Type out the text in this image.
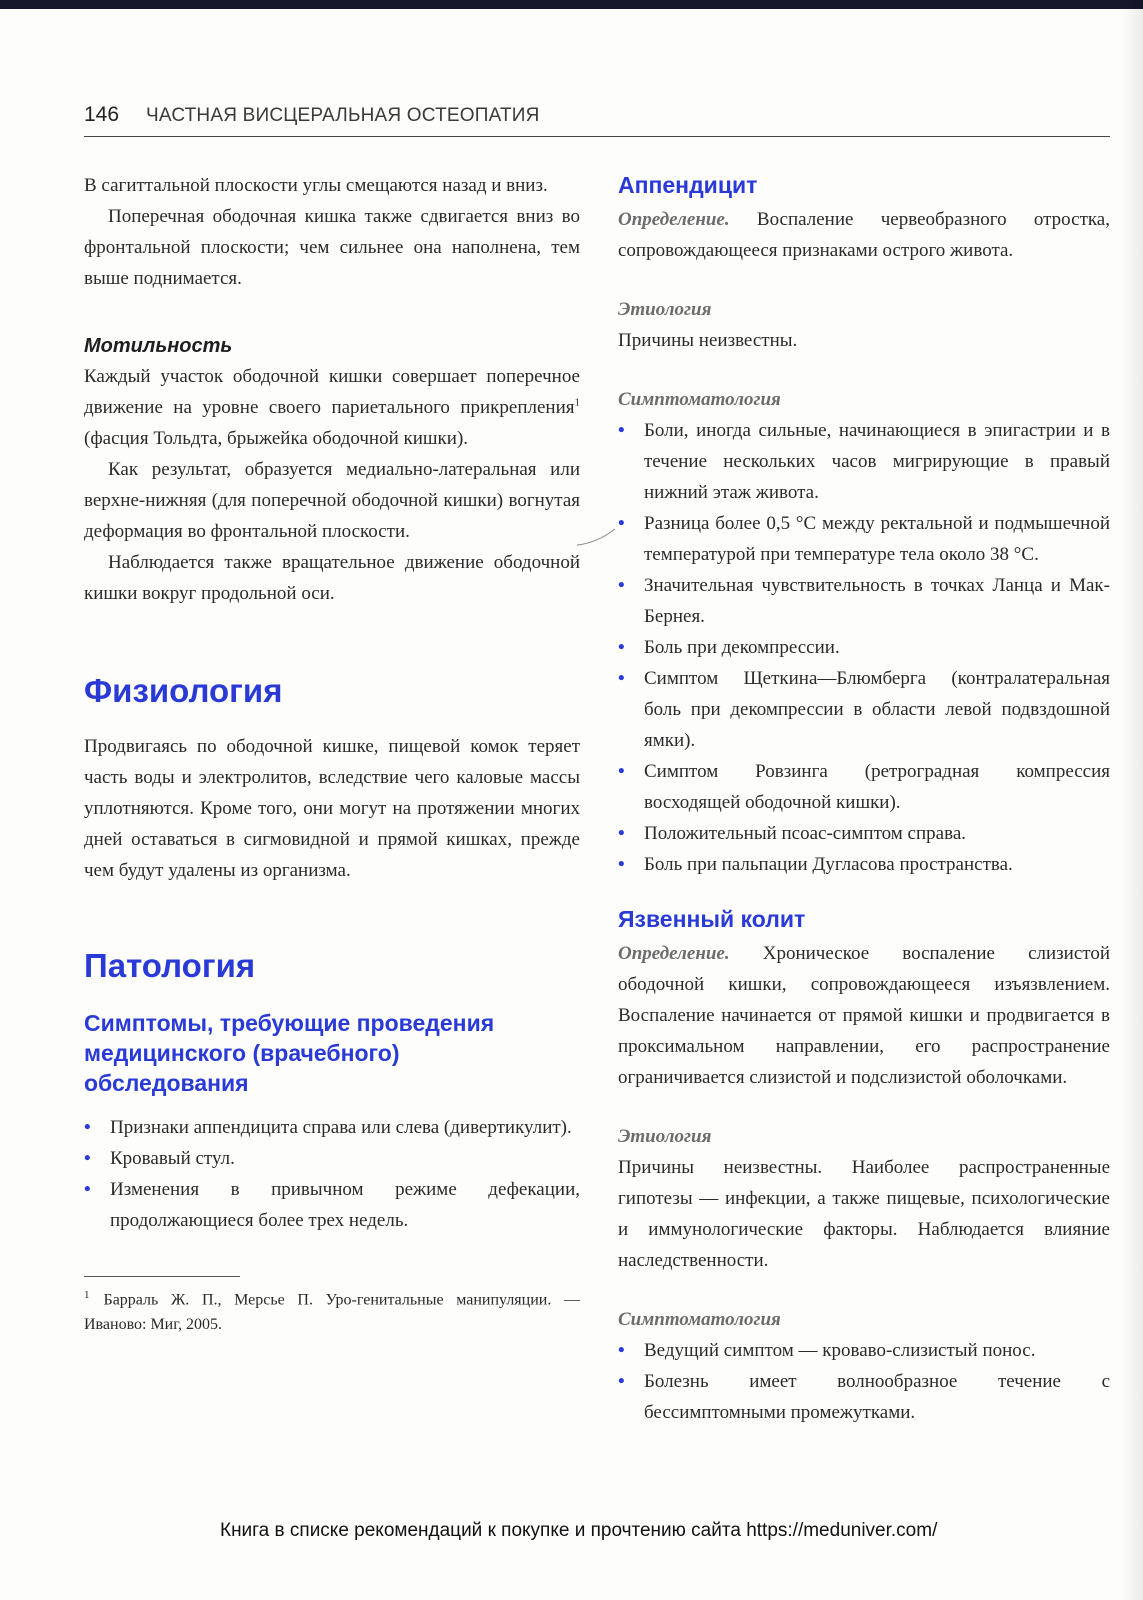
146 ЧАСТНАЯ ВИСЦЕРАЛЬНАЯ ОСТЕОПАТИЯ

В сагиттальной плоскости углы смещаются назад и вниз.

Поперечная ободочная кишка также сдвигается вниз во фронтальной плоскости; чем сильнее она наполнена, тем выше поднимается.

Мотильность

Каждый участок ободочной кишки совершает поперечное движение на уровне своего париетального прикрепления$^1$ (фасция Тольдта, брыжейка ободочной кишки).

Как результат, образуется медиально-латеральная или верхне-нижняя (для поперечной ободочной кишки) вогнутая деформация во фронтальной плоскости.

Наблюдается также вращательное движение ободочной кишки вокруг продольной оси.

Физиология

Продвигаясь по ободочной кишке, пищевой комок теряет часть воды и электролитов, вследствие чего каловые массы уплотняются. Кроме того, они могут на протяжении многих дней оставаться в сигмовидной и прямой кишках, прежде чем будут удалены из организма.

Патология
Симптомы, требующие проведения
медицинского (врачебного)
обследования
• Признаки аппендицита справа или слева (дивертикулит).
• Кровавый стул.
• Изменения в привычном режиме дефекации, продолжающиеся более трех недель.

$^1$ Барраль Ж. П., Мерсье П. Уро-генитальные манипуляции. — Иваново: Миг, 2005.

Аппендицит

Определение. Воспаление червеобразного отростка, сопровождающееся признаками острого живота.

Этиология

Причины неизвестны.

Симптоматология
• Боли, иногда сильные, начинающиеся в эпигастрии и в течение нескольких часов мигрирующие в правый нижний этаж живота.
• Разница более 0,5 °С между ректальной и подмышечной температурой при температуре тела около 38 °С.
• Значительная чувствительность в точках Ланца и Мак-Бернея.
• Боль при декомпрессии.
• Симптом Щеткина—Блюмберга (контралатеральная боль при декомпрессии в области левой подвздошной ямки).
• Симптом Ровзинга (ретроградная компрессия восходящей ободочной кишки).
• Положительный псоас-симптом справа.
• Боль при пальпации Дугласова пространства.
Язвенный колит

Определение. Хроническое воспаление слизистой ободочной кишки, сопровождающееся изъязвлением. Воспаление начинается от прямой кишки и продвигается в проксимальном направлении, его распространение ограничивается слизистой и подслизистой оболочками.

Этиология

Причины неизвестны. Наиболее распространенные гипотезы — инфекции, а также пищевые, психологические и иммунологические факторы. Наблюдается влияние наследственности.

Симптоматология
• Ведущий симптом — кроваво-слизистый понос.
• Болезнь имеет волнообразное течение с бессимптомными промежутками.
Книга в списке рекомендаций к покупке и прочтению сайта https://meduniver.com/
